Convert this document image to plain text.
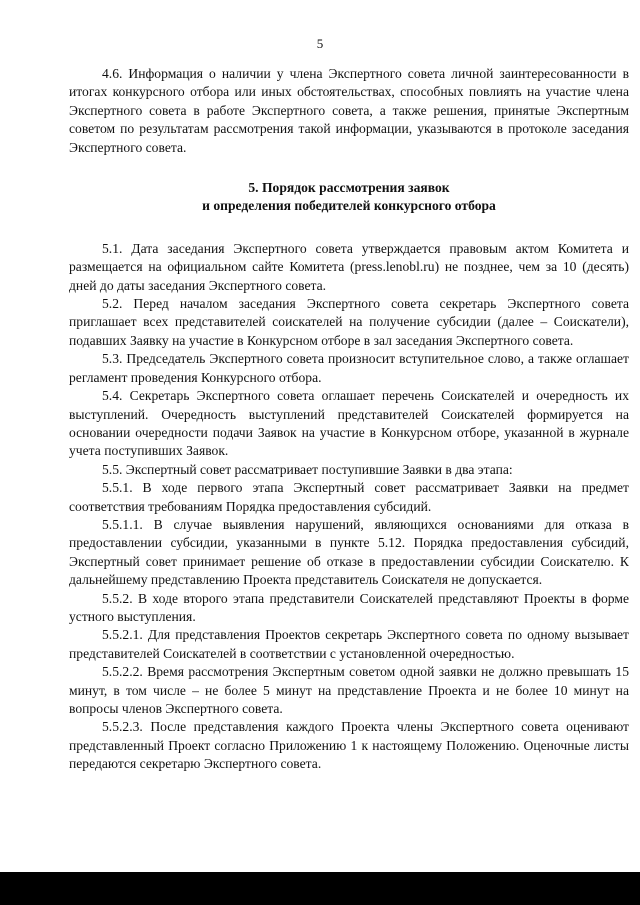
5

4.6. Информация о наличии у члена Экспертного совета личной заинтересованности в итогах конкурсного отбора или иных обстоятельствах, способных повлиять на участие члена Экспертного совета в работе Экспертного совета, а также решения, принятые Экспертным советом по результатам рассмотрения такой информации, указываются в протоколе заседания Экспертного совета.

5. Порядок рассмотрения заявок
и определения победителей конкурсного отбора

5.1. Дата заседания Экспертного совета утверждается правовым актом Комитета и размещается на официальном сайте Комитета (press.lenobl.ru) не позднее, чем за 10 (десять) дней до даты заседания Экспертного совета.

5.2. Перед началом заседания Экспертного совета секретарь Экспертного совета приглашает всех представителей соискателей на получение субсидии (далее – Соискатели), подавших Заявку на участие в Конкурсном отборе в зал заседания Экспертного совета.

5.3. Председатель Экспертного совета произносит вступительное слово, а также оглашает регламент проведения Конкурсного отбора.

5.4. Секретарь Экспертного совета оглашает перечень Соискателей и очередность их выступлений. Очередность выступлений представителей Соискателей формируется на основании очередности подачи Заявок на участие в Конкурсном отборе, указанной в журнале учета поступивших Заявок.

5.5. Экспертный совет рассматривает поступившие Заявки в два этапа:

5.5.1. В ходе первого этапа Экспертный совет рассматривает Заявки на предмет соответствия требованиям Порядка предоставления субсидий.

5.5.1.1. В случае выявления нарушений, являющихся основаниями для отказа в предоставлении субсидии, указанными в пункте 5.12. Порядка предоставления субсидий, Экспертный совет принимает решение об отказе в предоставлении субсидии Соискателю. К дальнейшему представлению Проекта представитель Соискателя не допускается.

5.5.2. В ходе второго этапа представители Соискателей представляют Проекты в форме устного выступления.

5.5.2.1. Для представления Проектов секретарь Экспертного совета по одному вызывает представителей Соискателей в соответствии с установленной очередностью.

5.5.2.2. Время рассмотрения Экспертным советом одной заявки не должно превышать 15 минут, в том числе – не более 5 минут на представление Проекта и не более 10 минут на вопросы членов Экспертного совета.

5.5.2.3. После представления каждого Проекта члены Экспертного совета оценивают представленный Проект согласно Приложению 1 к настоящему Положению. Оценочные листы передаются секретарю Экспертного совета.
